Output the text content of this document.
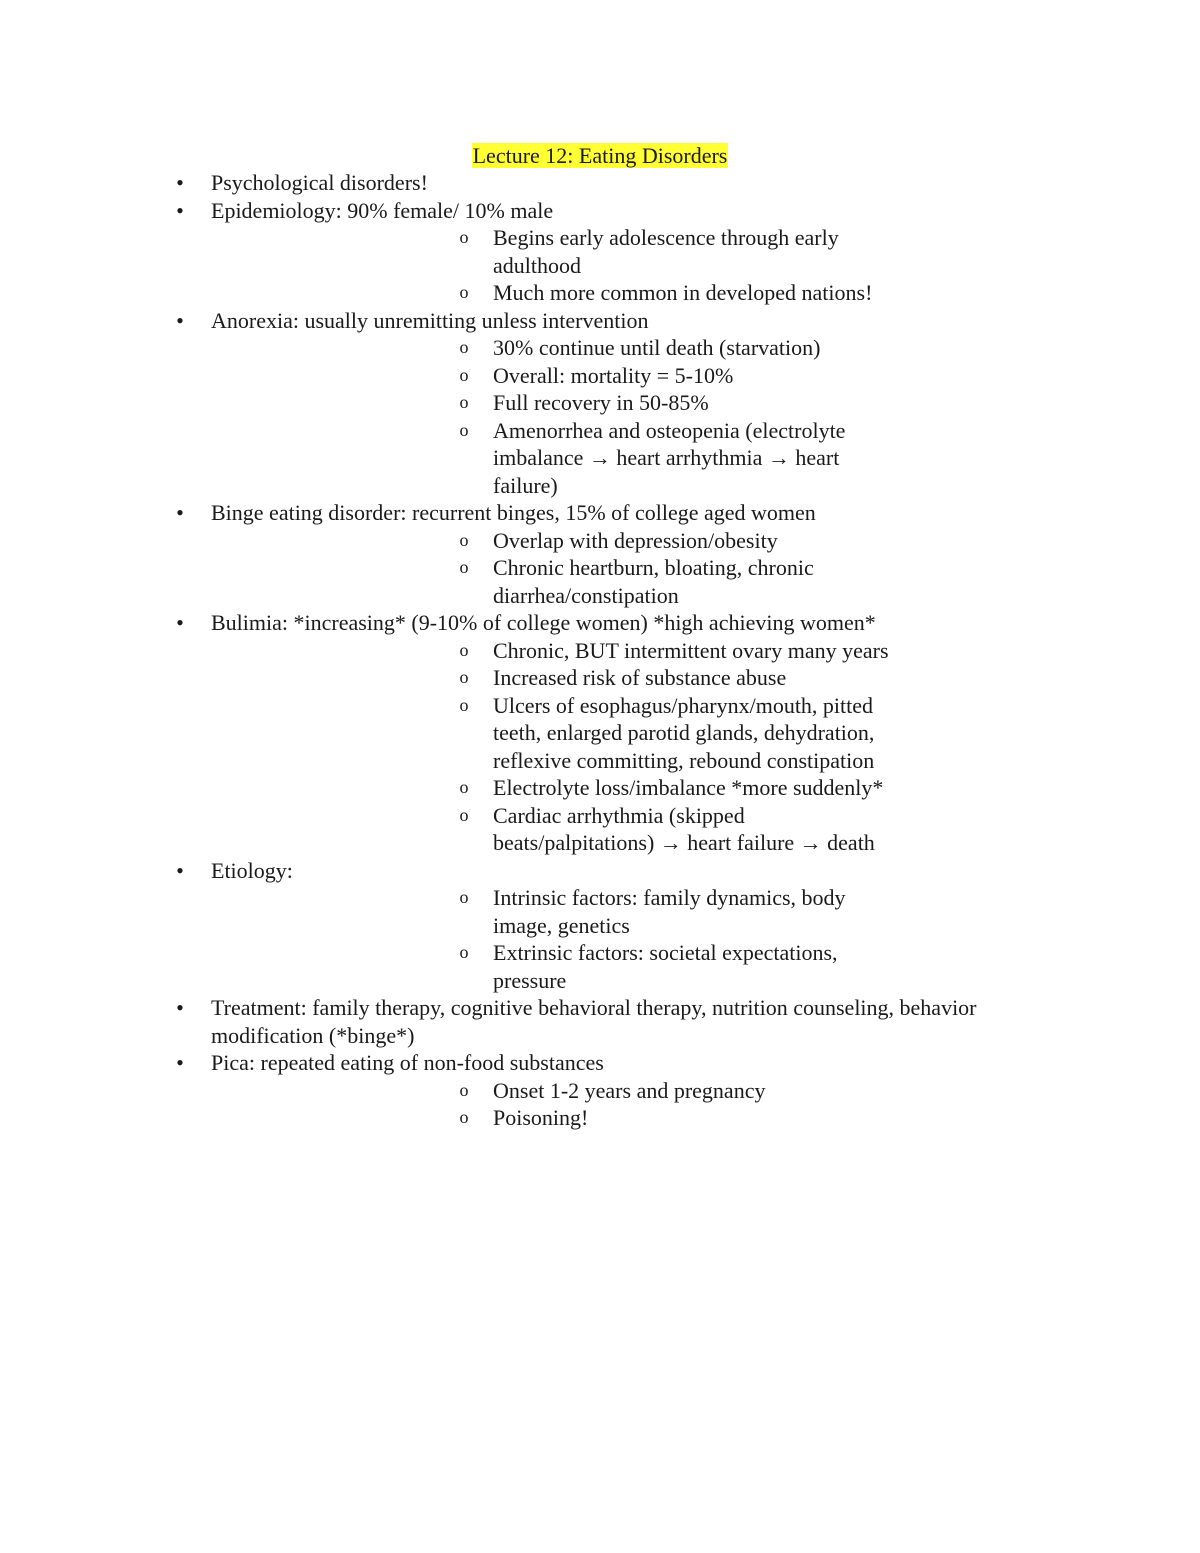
Lecture 12: Eating Disorders
• Psychological disorders!
• Epidemiology: 90% female/ 10% male
o Begins early adolescence through early adulthood
o Much more common in developed nations!
• Anorexia: usually unremitting unless intervention
o 30% continue until death (starvation)
o Overall: mortality = 5-10%
o Full recovery in 50-85%
o Amenorrhea and osteopenia (electrolyte imbalance → heart arrhythmia → heart failure)
• Binge eating disorder: recurrent binges, 15% of college aged women
o Overlap with depression/obesity
o Chronic heartburn, bloating, chronic diarrhea/constipation
• Bulimia: *increasing* (9-10% of college women) *high achieving women*
o Chronic, BUT intermittent ovary many years
o Increased risk of substance abuse
o Ulcers of esophagus/pharynx/mouth, pitted teeth, enlarged parotid glands, dehydration, reflexive committing, rebound constipation
o Electrolyte loss/imbalance *more suddenly*
o Cardiac arrhythmia (skipped beats/palpitations) → heart failure → death
• Etiology:
o Intrinsic factors: family dynamics, body image, genetics
o Extrinsic factors: societal expectations, pressure
• Treatment: family therapy, cognitive behavioral therapy, nutrition counseling, behavior modification (*binge*)
• Pica: repeated eating of non-food substances
o Onset 1-2 years and pregnancy
o Poisoning!
